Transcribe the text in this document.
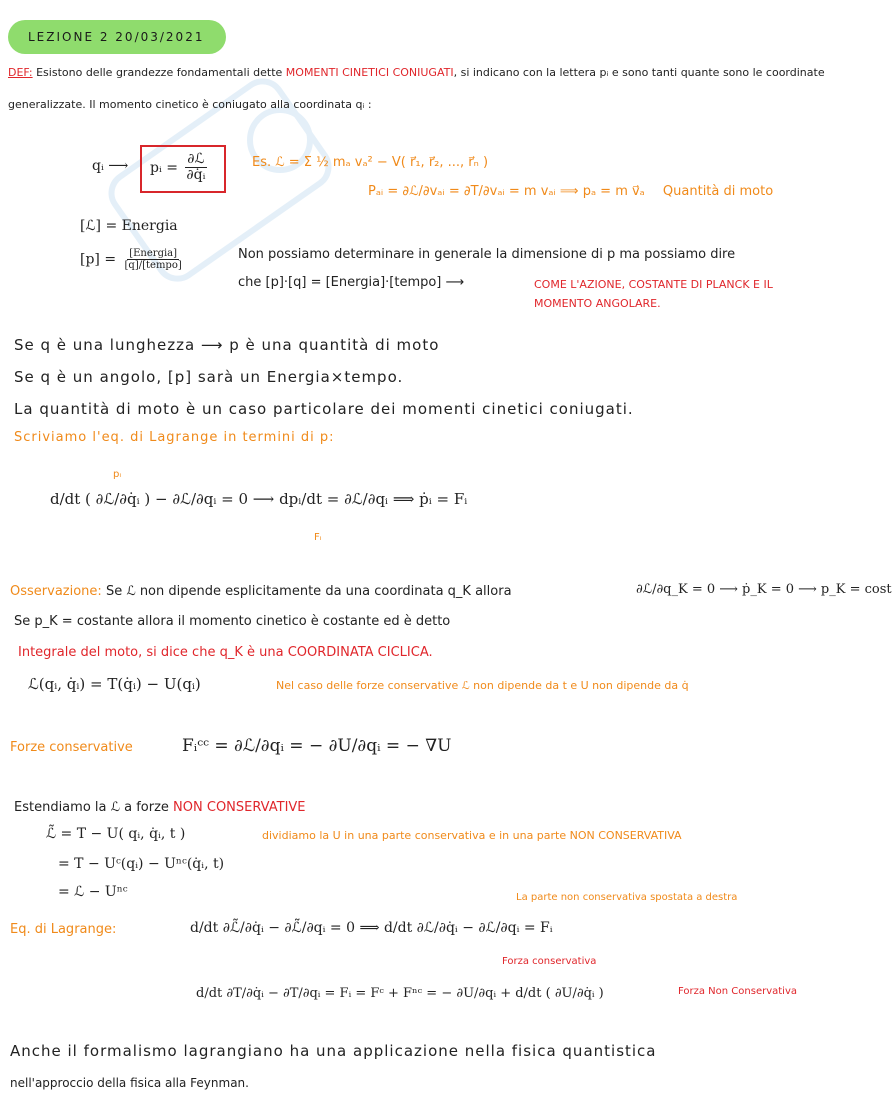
LEZIONE 2 20/03/2021
DEF: Esistono delle grandezze fondamentali dette MOMENTI CINETICI CONIUGATI, si indicano con la lettera pᵢ e sono tanti quante sono le coordinate
generalizzate. Il momento cinetico è coniugato alla coordinata qᵢ :
qᵢ ⟶ pᵢ = $\frac{\text{∂ℒ}}{\text{∂q̇ᵢ}}$	Es. ℒ = Σ ½ mₐ vₐ² − V( r⃗₁, r⃗₂, ..., r⃗ₙ )
Pₐᵢ = ∂ℒ/∂vₐᵢ = ∂T/∂vₐᵢ = m vₐᵢ ⟹ pₐ = m v⃗ₐ Quantità di moto
[ℒ] = Energia
$[p] = \frac{\text{[Energia]}}{\text{[q]/[tempo]}}$	Non possiamo determinare in generale la dimensione di p ma possiamo dire
che [p]·[q] = [Energia]·[tempo] ⟶	COME L'AZIONE, COSTANTE DI PLANCK E IL
MOMENTO ANGOLARE.
Se q è una lunghezza ⟶ p è una quantità di moto
Se q è un angolo, [p] sarà un Energia×tempo.
La quantità di moto è un caso particolare dei momenti cinetici coniugati.
Scriviamo l'eq. di Lagrange in termini di p:
pᵢ
d/dt ( ∂ℒ/∂q̇ᵢ ) − ∂ℒ/∂qᵢ = 0 ⟶ dpᵢ/dt = ∂ℒ/∂qᵢ ⟹ ṗᵢ = Fᵢ
Fᵢ
Osservazione: Se ℒ non dipende esplicitamente da una coordinata q_K allora	∂ℒ/∂q_K = 0 ⟶ ṗ_K = 0 ⟶ p_K = cost
Se p_K = costante allora il momento cinetico è costante ed è detto
Integrale del moto, si dice che q_K è una COORDINATA CICLICA.
ℒ(qᵢ, q̇ᵢ) = T(q̇ᵢ) − U(qᵢ)	Nel caso delle forze conservative ℒ non dipende da t e U non dipende da q̇
Forze conservative	Fᵢᶜᶜ = ∂ℒ/∂qᵢ = − ∂U/∂qᵢ = − ∇U
Estendiamo la ℒ a forze NON CONSERVATIVE
ℒ̃ = T − U( qᵢ, q̇ᵢ, t )	dividiamo la U in una parte conservativa e in una parte NON CONSERVATIVA
= T − Uᶜ(qᵢ) − Uⁿᶜ(q̇ᵢ, t)
= ℒ − Uⁿᶜ	La parte non conservativa spostata a destra
Eq. di Lagrange:	d/dt ∂ℒ̃/∂q̇ᵢ − ∂ℒ̃/∂qᵢ = 0 ⟹ d/dt ∂ℒ/∂q̇ᵢ − ∂ℒ/∂qᵢ = Fᵢ
Forza conservativa
d/dt ∂T/∂q̇ᵢ − ∂T/∂qᵢ = Fᵢ = Fᶜ + Fⁿᶜ = − ∂U/∂qᵢ + d/dt ( ∂U/∂q̇ᵢ )	Forza Non Conservativa
Anche il formalismo lagrangiano ha una applicazione nella fisica quantistica
nell'approccio della fisica alla Feynman.
